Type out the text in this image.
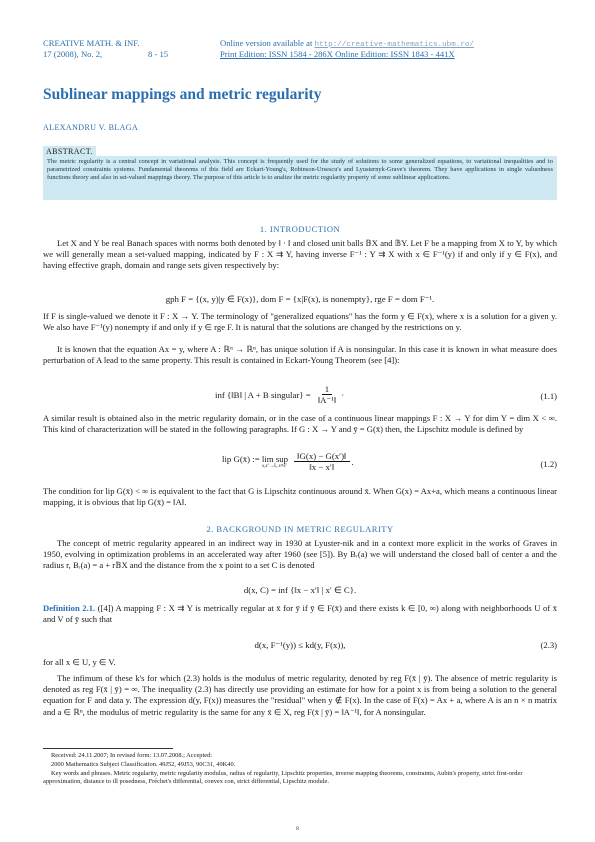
CREATIVE MATH. & INF.
17 (2008), No. 2,	8 - 15
Online version available at http://creative-mathematics.ubm.ro/
Print Edition: ISSN 1584 - 286X Online Edition: ISSN 1843 - 441X
Sublinear mappings and metric regularity
ALEXANDRU V. BLAGA
ABSTRACT.
The metric regularity is a central concept in variational analysis. This concept is frequently used for the study of solutions to some generalized equations, to variational inequalities and to parametrized constraints systems. Fundamental theorems of this field are Eckart-Young's, Robinson-Ursescu's and Lyusternyk-Grave's theorem. They have applications in single valuedness functions theory and also in set-valued mappings theory. The purpose of this article is to analize the metric regularity property of some sublinear applications.
1. INTRODUCTION
Let X and Y be real Banach spaces with norms both denoted by ‖ · ‖ and closed unit balls 𝔹X and 𝔹Y. Let F be a mapping from X to Y, by which we will generally mean a set-valued mapping, indicated by F : X ⇉ Y, having inverse F⁻¹ : Y ⇉ X with x ∈ F⁻¹(y) if and only if y ∈ F(x), and having effective graph, domain and range sets given respectively by:
gph F = {(x, y)|y ∈ F(x)}, dom F = {x|F(x), is nonempty}, rge F = dom F⁻¹.
If F is single-valued we denote it F : X → Y. The terminology of "generalized equations" has the form y ∈ F(x), where x is a solution for a given y. We also have F⁻¹(y) nonempty if and only if y ∈ rge F. It is natural that the solutions are changed by the restrictions on y.
It is known that the equation Ax = y, where A : ℝⁿ → ℝⁿ, has unique solution if A is nonsingular. In this case it is known in what measure does perturbation of A lead to the same property. This result is contained in Eckart-Young Theorem (see [4]):
inf {‖B‖ | A + B singular} = $\frac{1}{\text{‖A⁻¹‖}}$ ·	(1.1)
A similar result is obtained also in the metric regularity domain, or in the case of a continuous linear mappings F : X → Y for dim Y = dim X < ∞. This kind of characterization will be stated in the following paragraphs. If G : X → Y and ȳ = G(x̄) then, the Lipschitz module is defined by
lip G(x̄) := lim sup
x,x′→x̄, $x\ne x' \frac{‖G(x) - G(x')‖}{‖x - x'‖}$ .	(1.2)
The condition for lip G(x̄) < ∞ is equivalent to the fact that G is Lipschitz continuous around x̄. When G(x) = Ax+a, which means a continuous linear mapping, it is obvious that lip G(x̄) = ‖A‖.
2. BACKGROUND IN METRIC REGULARITY
The concept of metric regularity appeared in an indirect way in 1930 at Lyuster-nik and in a context more explicit in the works of Graves in 1950, evolving in optimization problems in an accelerated way after 1960 (see [5]). By Bᵣ(a) we will understand the closed ball of center a and the radius r, Bᵣ(a) = a + r𝔹X and the distance from the x point to a set C is denoted
d(x, C) = inf {‖x − x′‖ | x′ ∈ C}.
Definition 2.1. ([4]) A mapping F : X ⇉ Y is metrically regular at x̄ for ȳ if ȳ ∈ F(x̄) and there exists k ∈ [0, ∞) along with neighborhoods U of x̄ and V of ȳ such that
d(x, F⁻¹(y)) ≤ kd(y, F(x)),	(2.3)
for all x ∈ U, y ∈ V.
The infimum of these k's for which (2.3) holds is the modulus of metric regularity, denoted by reg F(x̄ | ȳ). The absence of metric regularity is denoted as reg F(x̄ | ȳ) = ∞. The inequality (2.3) has directly use providing an estimate for how for a point x is from being a solution to the general equation for F and data y. The expression d(y, F(x)) measures the "residual" when y ∉ F(x). In the case of F(x) = Ax + a, where A is an n × n matrix and a ∈ ℝⁿ, the modulus of metric regularity is the same for any x̄ ∈ X, reg F(x̄ | ȳ) = ‖A⁻¹‖, for A nonsingular.
Received: 24.11.2007; In revised form: 13.07.2008.; Accepted:
2000 Mathematics Subject Classification. 49J52, 49J53, 90C31, 49K40.
Key words and phrases. Metric regularity, metric regularity modulus, radius of regularity, Lipschitz properties, inverse mapping theorems, constraints, Aubin's property, strict first-order approximation, distance to ill posedness, Fréchet's differential, convex con, strict differential, Lipschitz module.
8
